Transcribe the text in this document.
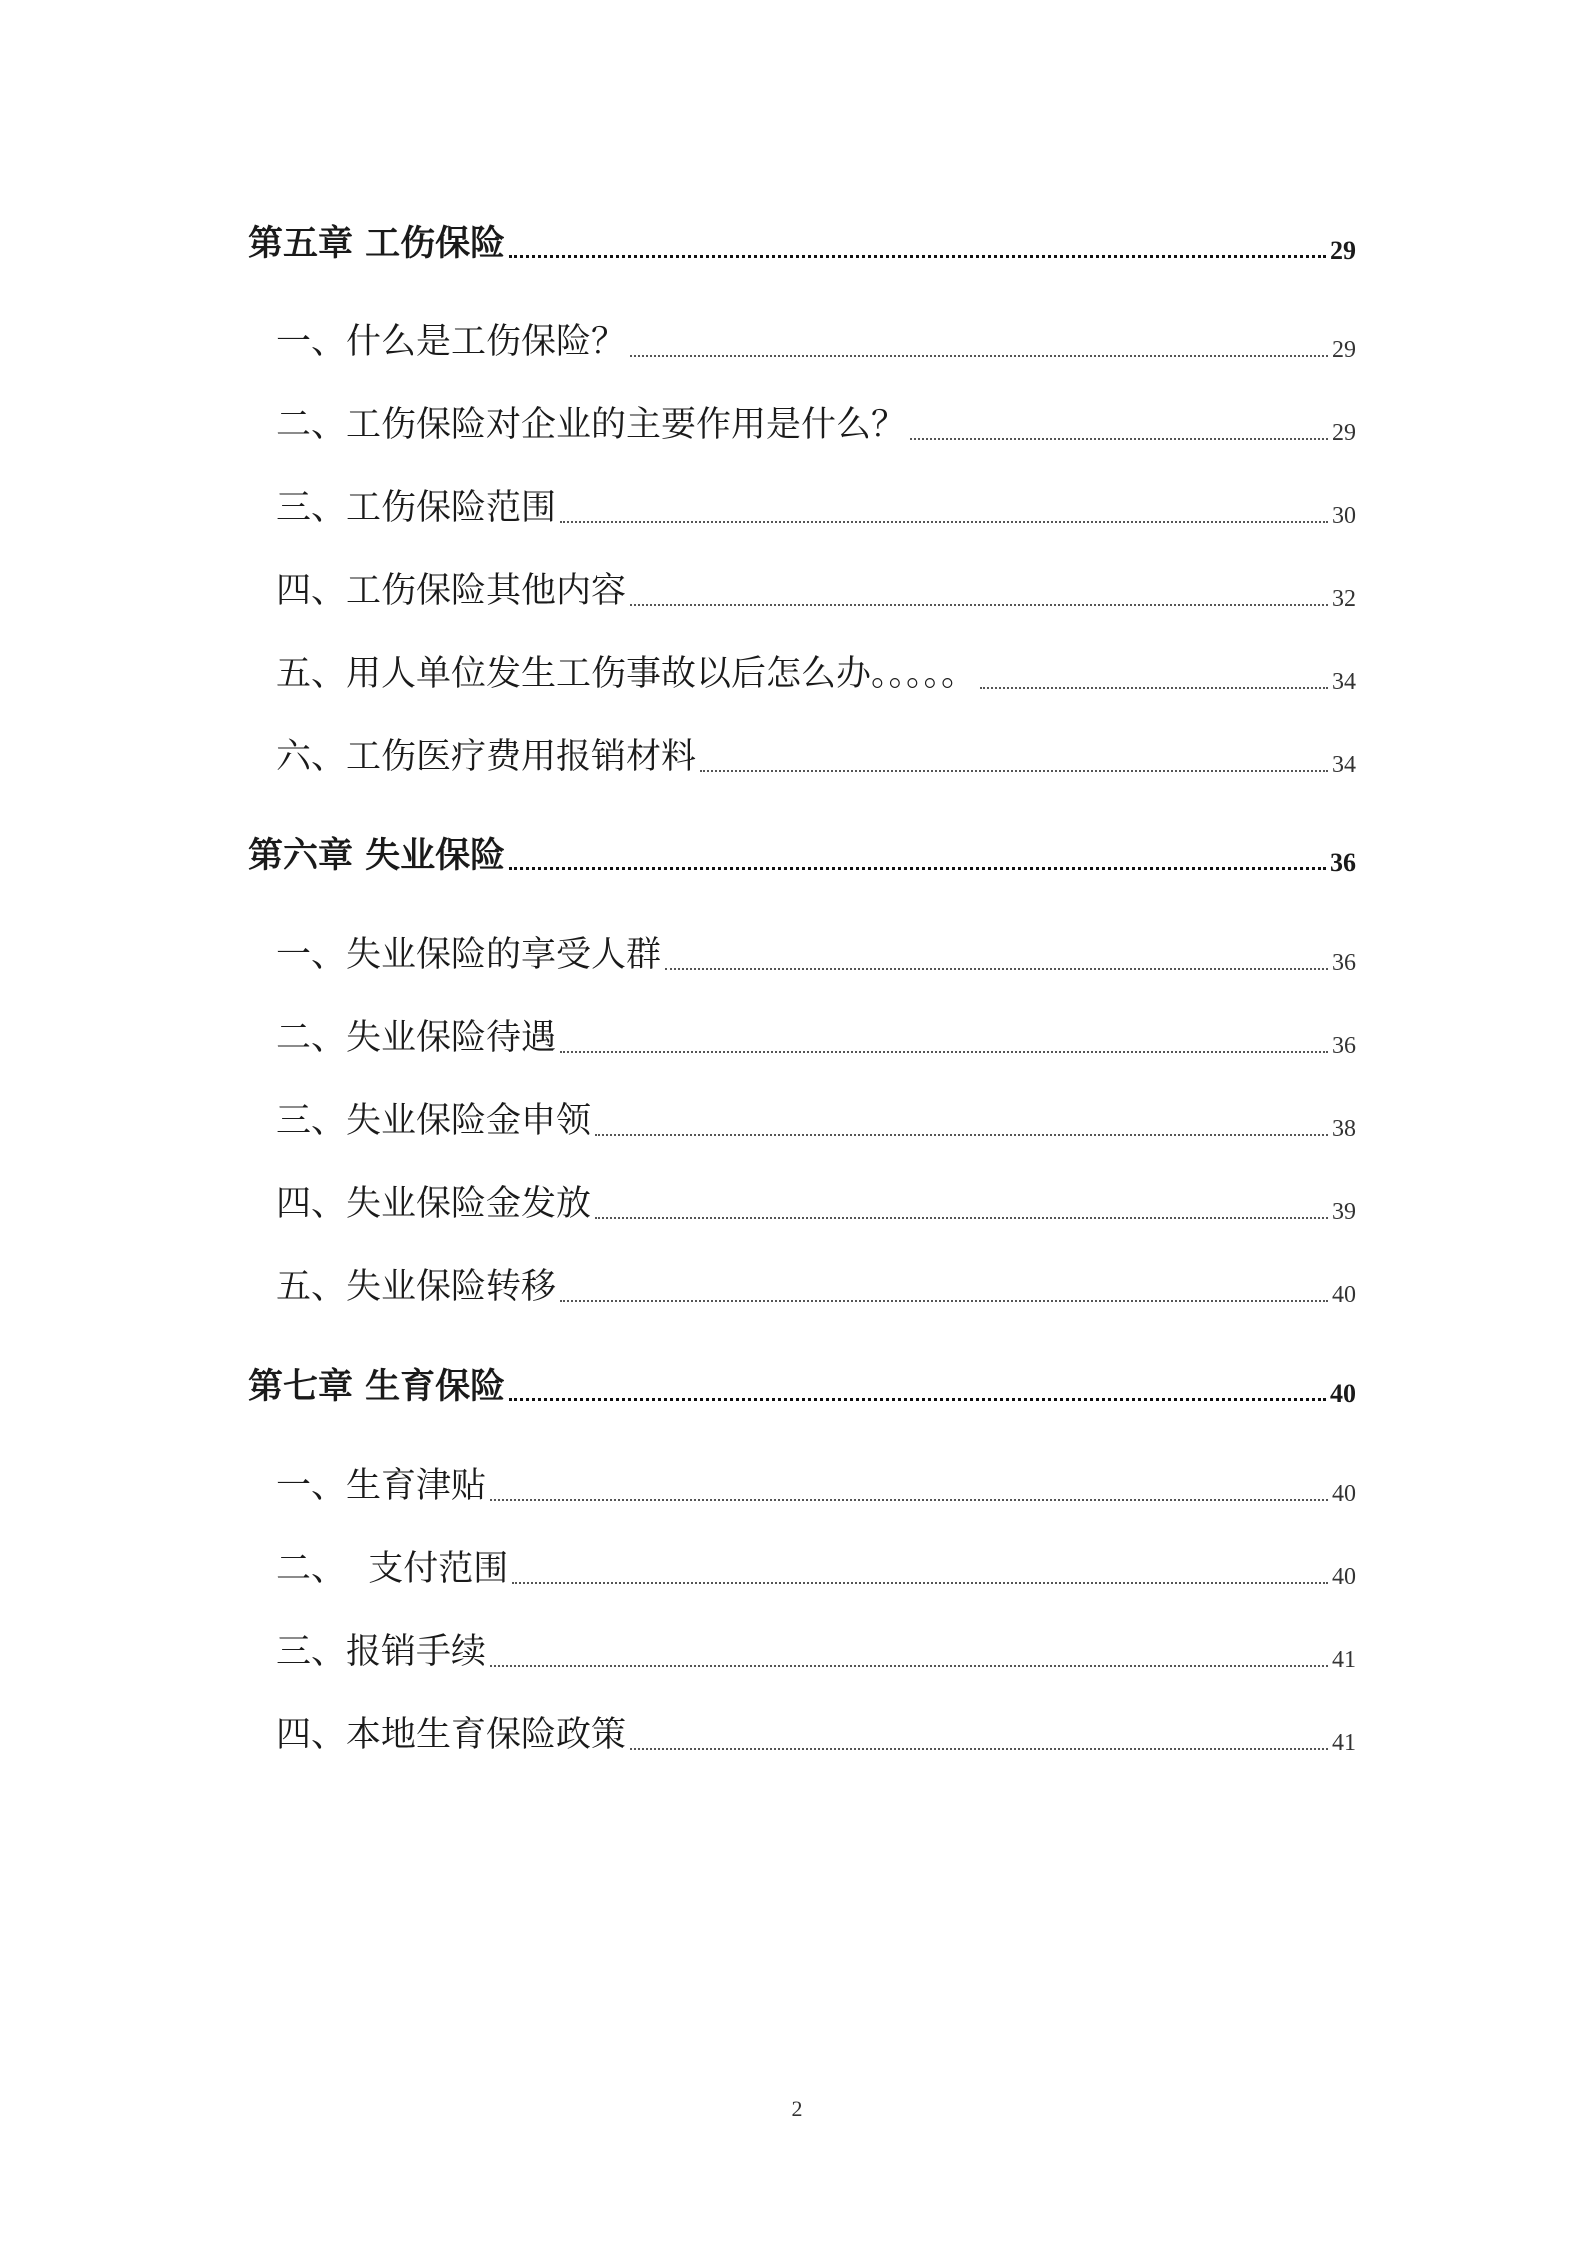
第五章 工伤保险	29
一、什么是工伤保险？	29
二、工伤保险对企业的主要作用是什么？	29
三、工伤保险范围	30
四、工伤保险其他内容	32
五、用人单位发生工伤事故以后怎么办。。。。。	34
六、工伤医疗费用报销材料	34
第六章 失业保险	36
一、失业保险的享受人群	36
二、失业保险待遇	36
三、失业保险金申领	38
四、失业保险金发放	39
五、失业保险转移	40
第七章 生育保险	40
一、生育津贴	40
二、  支付范围	40
三、报销手续	41
四、本地生育保险政策	41
2
